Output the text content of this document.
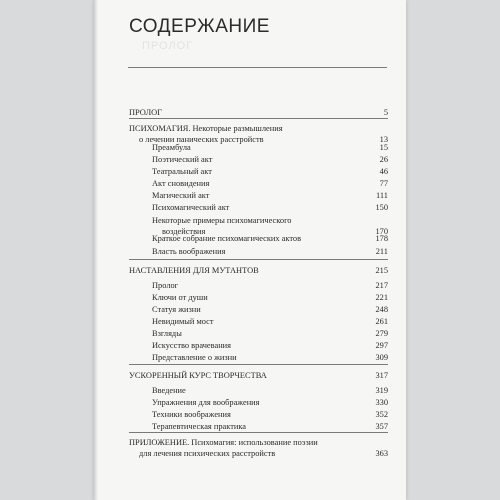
ПРОЛОГ
СОДЕРЖАНИЕ
ПРОЛОГ	5
ПСИХОМАГИЯ. Некоторые размышления
о лечении панических расстройств	13
Преамбула	15
Поэтический акт	26
Театральный акт	46
Акт сновидения	77
Магический акт	111
Психомагический акт	150
Некоторые примеры психомагического
воздействия	170
Краткое собрание психомагических актов	178
Власть воображения	211
НАСТАВЛЕНИЯ ДЛЯ МУТАНТОВ	215
Пролог	217
Ключи от души	221
Статуя жизни	248
Невидимый мост	261
Взгляды	279
Искусство врачевания	297
Представление о жизни	309
УСКОРЕННЫЙ КУРС ТВОРЧЕСТВА	317
Введение	319
Упражнения для воображения	330
Техники воображения	352
Терапевтическая практика	357
ПРИЛОЖЕНИЕ. Психомагия: использование поэзии
для лечения психических расстройств	363
